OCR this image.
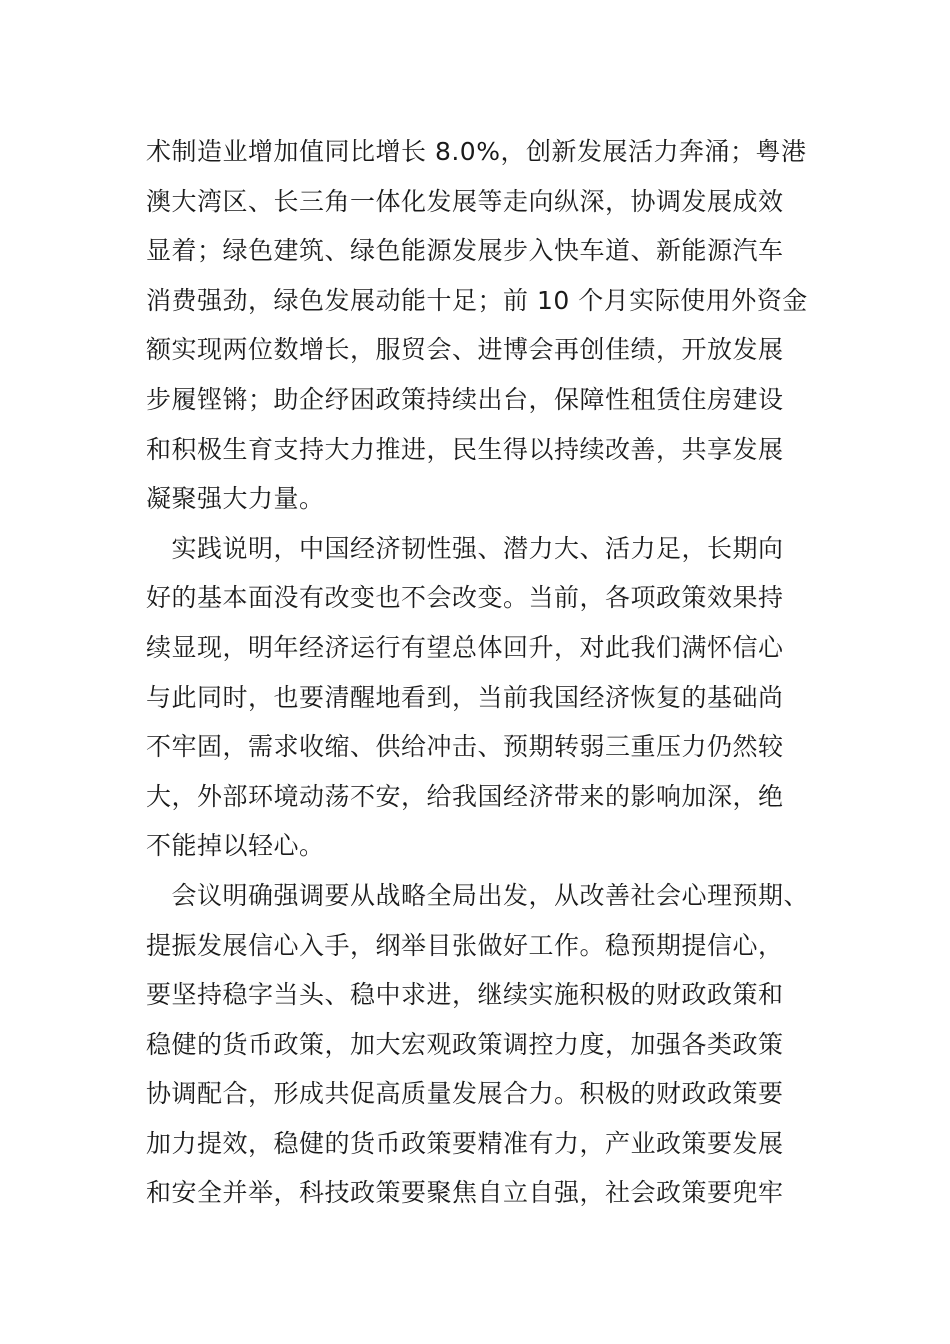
术制造业增加值同比增长 8.0%，创新发展活力奔涌；粤港
澳大湾区、长三角一体化发展等走向纵深，协调发展成效
显着；绿色建筑、绿色能源发展步入快车道、新能源汽车
消费强劲，绿色发展动能十足；前 10 个月实际使用外资金
额实现两位数增长，服贸会、进博会再创佳绩，开放发展
步履铿锵；助企纾困政策持续出台，保障性租赁住房建设
和积极生育支持大力推进，民生得以持续改善，共享发展
凝聚强大力量。
　实践说明，中国经济韧性强、潜力大、活力足，长期向
好的基本面没有改变也不会改变。当前，各项政策效果持
续显现，明年经济运行有望总体回升，对此我们满怀信心
与此同时，也要清醒地看到，当前我国经济恢复的基础尚
不牢固，需求收缩、供给冲击、预期转弱三重压力仍然较
大，外部环境动荡不安，给我国经济带来的影响加深，绝
不能掉以轻心。
　会议明确强调要从战略全局出发，从改善社会心理预期、
提振发展信心入手，纲举目张做好工作。稳预期提信心，
要坚持稳字当头、稳中求进，继续实施积极的财政政策和
稳健的货币政策，加大宏观政策调控力度，加强各类政策
协调配合，形成共促高质量发展合力。积极的财政政策要
加力提效，稳健的货币政策要精准有力，产业政策要发展
和安全并举，科技政策要聚焦自立自强，社会政策要兜牢
